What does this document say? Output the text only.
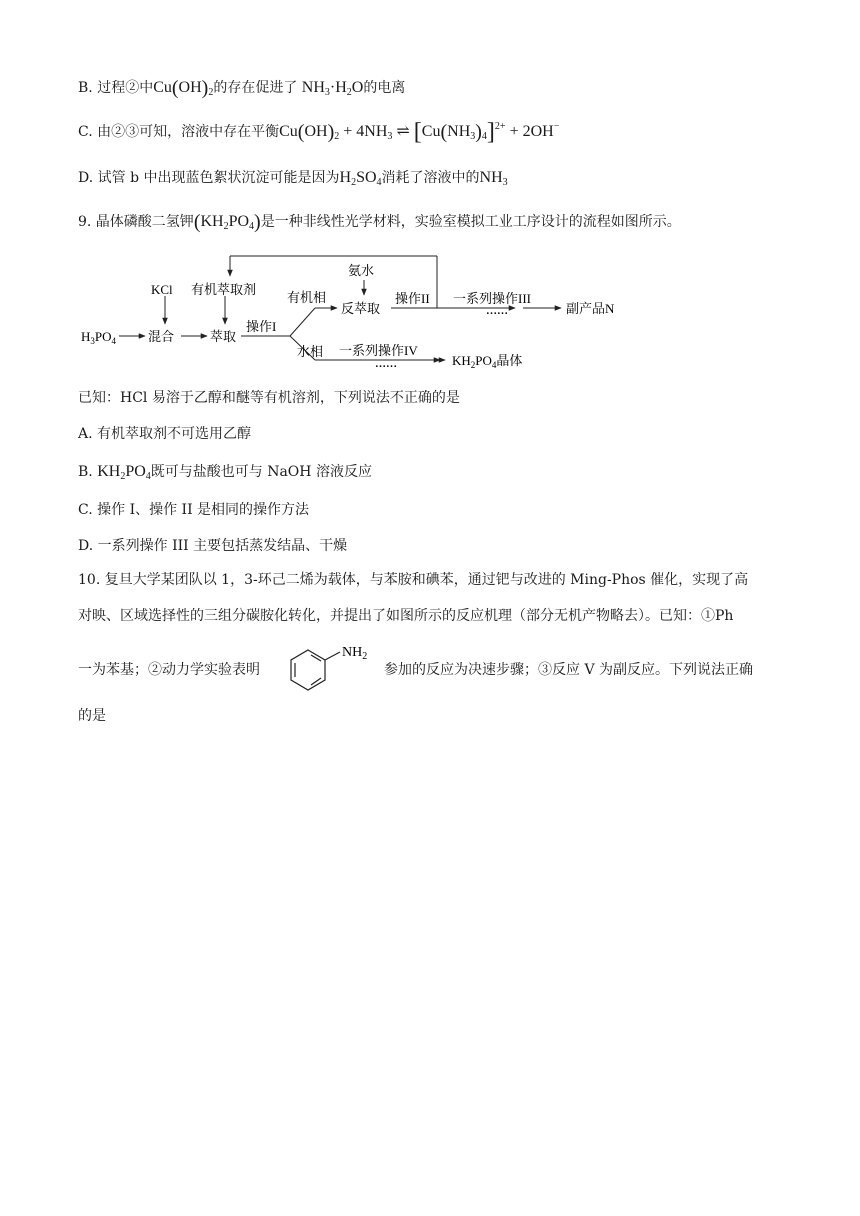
B. 过程②中$Cu(OH)_2$的存在促进了 $NH_3\cdot H_2O$的电离
C. 由②③可知，溶液中存在平衡$Cu(OH)_2 + 4NH_3$ ⇌ $[Cu(NH_3)_4]^{2+} + 2OH^-$
D. 试管 b 中出现蓝色絮状沉淀可能是因为$H_2SO_4$消耗了溶液中的$NH_3$
9. 晶体磷酸二氢钾$(KH_2PO_4)$是一种非线性光学材料，实验室模拟工业工序设计的流程如图所示。
$H_3PO_4$
KCl 有机萃取剂
混合	萃取
操作I
有机相
氨水
反萃取
操作II 一系列操作III
……	副产品N
水相 一系列操作IV
……	$KH_2PO_4$晶体
已知：HCl 易溶于乙醇和醚等有机溶剂，下列说法不正确的是
A. 有机萃取剂不可选用乙醇
B. $KH_2PO_4$既可与盐酸也可与 NaOH 溶液反应
C. 操作 I、操作 II 是相同的操作方法
D. 一系列操作 III 主要包括蒸发结晶、干燥
10. 复旦大学某团队以 1，3-环己二烯为载体，与苯胺和碘苯，通过钯与改进的 Ming-Phos 催化，实现了高
对映、区域选择性的三组分碳胺化转化，并提出了如图所示的反应机理（部分无机产物略去）。已知：①Ph
一为苯基；②动力学实验表明
$NH_2$
参加的反应为决速步骤；③反应 V 为副反应。下列说法正确
的是
